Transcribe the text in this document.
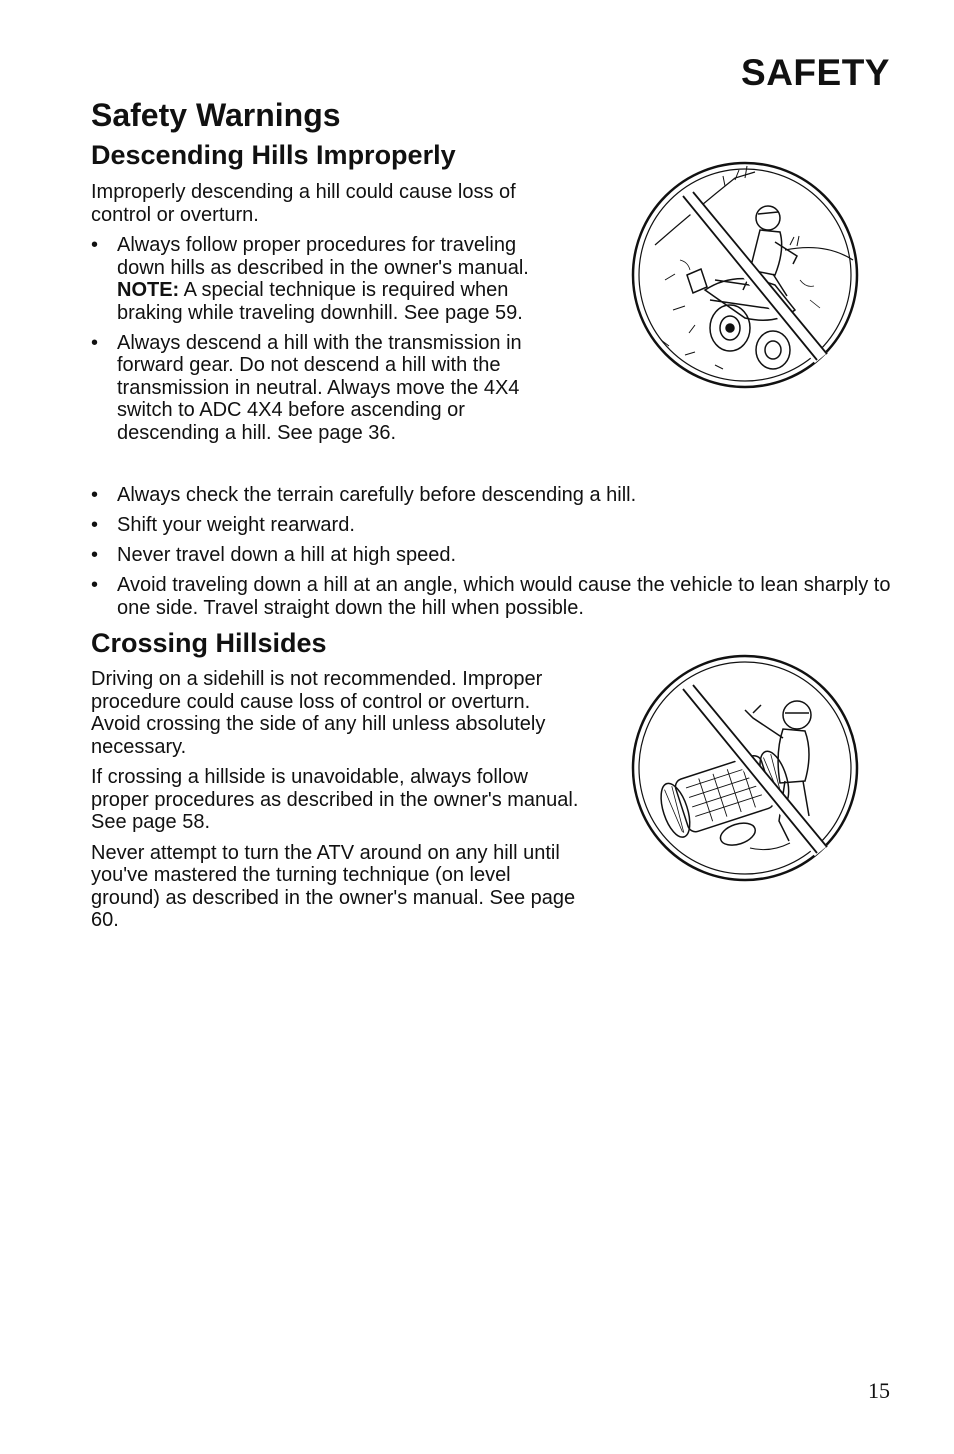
SAFETY
Safety Warnings
Descending Hills Improperly

Improperly descending a hill could cause loss of control or overturn.

• Always follow proper procedures for traveling down hills as described in the owner's manual. NOTE: A special technique is required when braking while traveling downhill. See page 59.
• Always descend a hill with the transmission in forward gear. Do not descend a hill with the transmission in neutral. Always move the 4X4 switch to ADC 4X4 before ascending or descending a hill. See page 36.
• Always check the terrain carefully before descending a hill.
• Shift your weight rearward.
• Never travel down a hill at high speed.
• Avoid traveling down a hill at an angle, which would cause the vehicle to lean sharply to one side. Travel straight down the hill when possible.
Crossing Hillsides

Driving on a sidehill is not recommended. Improper procedure could cause loss of control or overturn. Avoid crossing the side of any hill unless absolutely necessary.

If crossing a hillside is unavoidable, always follow proper procedures as described in the owner's manual. See page 58.

Never attempt to turn the ATV around on any hill until you've mastered the turning technique (on level ground) as described in the owner's manual. See page 60.

15
